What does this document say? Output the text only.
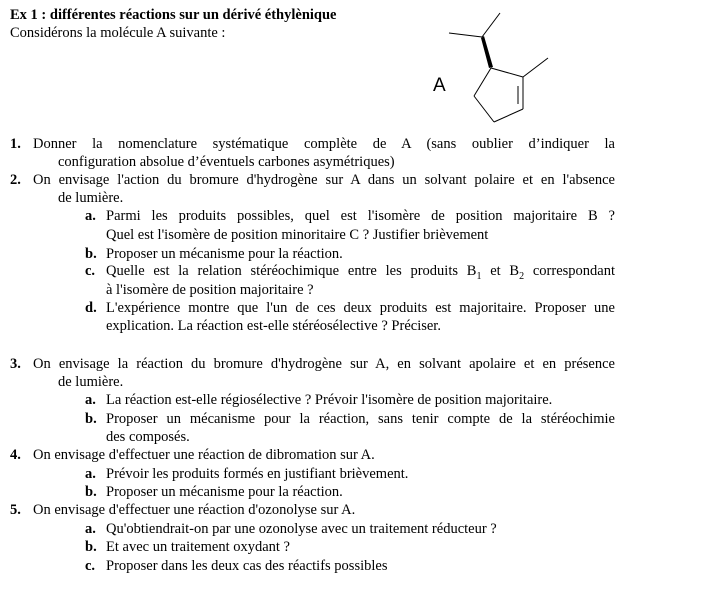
Ex 1 : différentes réactions sur un dérivé éthylènique
Considérons la molécule A suivante :
A
1. Donner la nomenclature systématique complète de A (sans oublier d’indiquer la
configuration absolue d’éventuels carbones asymétriques)
2. On envisage l'action du bromure d'hydrogène sur A dans un solvant polaire et en l'absence
de lumière.
a. Parmi les produits possibles, quel est l'isomère de position majoritaire B ?
Quel est l'isomère de position minoritaire C ? Justifier brièvement
b. Proposer un mécanisme pour la réaction.
c. Quelle est la relation stéréochimique entre les produits $B_1$ et $B_2$ correspondant
à l'isomère de position majoritaire ?
d. L'expérience montre que l'un de ces deux produits est majoritaire. Proposer une
explication. La réaction est-elle stéréosélective ? Préciser.
3. On envisage la réaction du bromure d'hydrogène sur A, en solvant apolaire et en présence
de lumière.
a. La réaction est-elle régiosélective ? Prévoir l'isomère de position majoritaire.
b. Proposer un mécanisme pour la réaction, sans tenir compte de la stéréochimie
des composés.
4. On envisage d'effectuer une réaction de dibromation sur A.
a. Prévoir les produits formés en justifiant brièvement.
b. Proposer un mécanisme pour la réaction.
5. On envisage d'effectuer une réaction d'ozonolyse sur A.
a. Qu'obtiendrait-on par une ozonolyse avec un traitement réducteur ?
b. Et avec un traitement oxydant ?
c. Proposer dans les deux cas des réactifs possibles
